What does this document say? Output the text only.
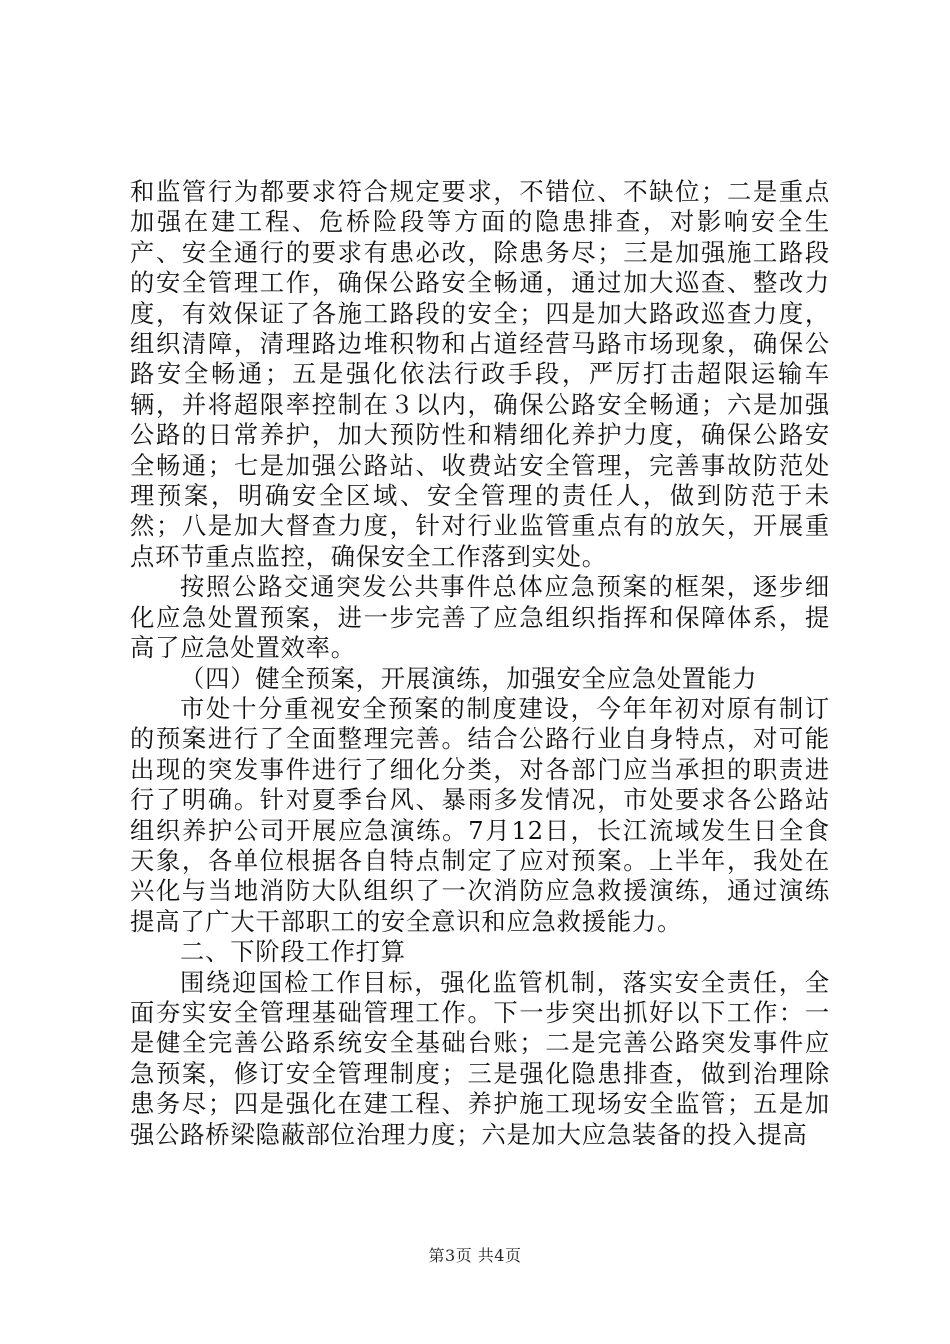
和监管行为都要求符合规定要求，不错位、不缺位；二是重点加强在建工程、危桥险段等方面的隐患排查，对影响安全生产、安全通行的要求有患必改，除患务尽；三是加强施工路段的安全管理工作，确保公路安全畅通，通过加大巡查、整改力度，有效保证了各施工路段的安全；四是加大路政巡查力度，组织清障，清理路边堆积物和占道经营马路市场现象，确保公路安全畅通；五是强化依法行政手段，严厉打击超限运输车辆，并将超限率控制在３以内，确保公路安全畅通；六是加强公路的日常养护，加大预防性和精细化养护力度，确保公路安全畅通；七是加强公路站、收费站安全管理，完善事故防范处理预案，明确安全区域、安全管理的责任人，做到防范于未然；八是加大督查力度，针对行业监管重点有的放矢，开展重点环节重点监控，确保安全工作落到实处。

按照公路交通突发公共事件总体应急预案的框架，逐步细化应急处置预案，进一步完善了应急组织指挥和保障体系，提高了应急处置效率。

（四）健全预案，开展演练，加强安全应急处置能力

市处十分重视安全预案的制度建设，今年年初对原有制订的预案进行了全面整理完善。结合公路行业自身特点，对可能出现的突发事件进行了细化分类，对各部门应当承担的职责进行了明确。针对夏季台风、暴雨多发情况，市处要求各公路站组织养护公司开展应急演练。7月12日，长江流域发生日全食天象，各单位根据各自特点制定了应对预案。上半年，我处在兴化与当地消防大队组织了一次消防应急救援演练，通过演练提高了广大干部职工的安全意识和应急救援能力。

二、下阶段工作打算

围绕迎国检工作目标，强化监管机制，落实安全责任，全面夯实安全管理基础管理工作。下一步突出抓好以下工作：一是健全完善公路系统安全基础台账；二是完善公路突发事件应急预案，修订安全管理制度；三是强化隐患排查，做到治理除患务尽；四是强化在建工程、养护施工现场安全监管；五是加强公路桥梁隐蔽部位治理力度；六是加大应急装备的投入提高

第3页 共4页
